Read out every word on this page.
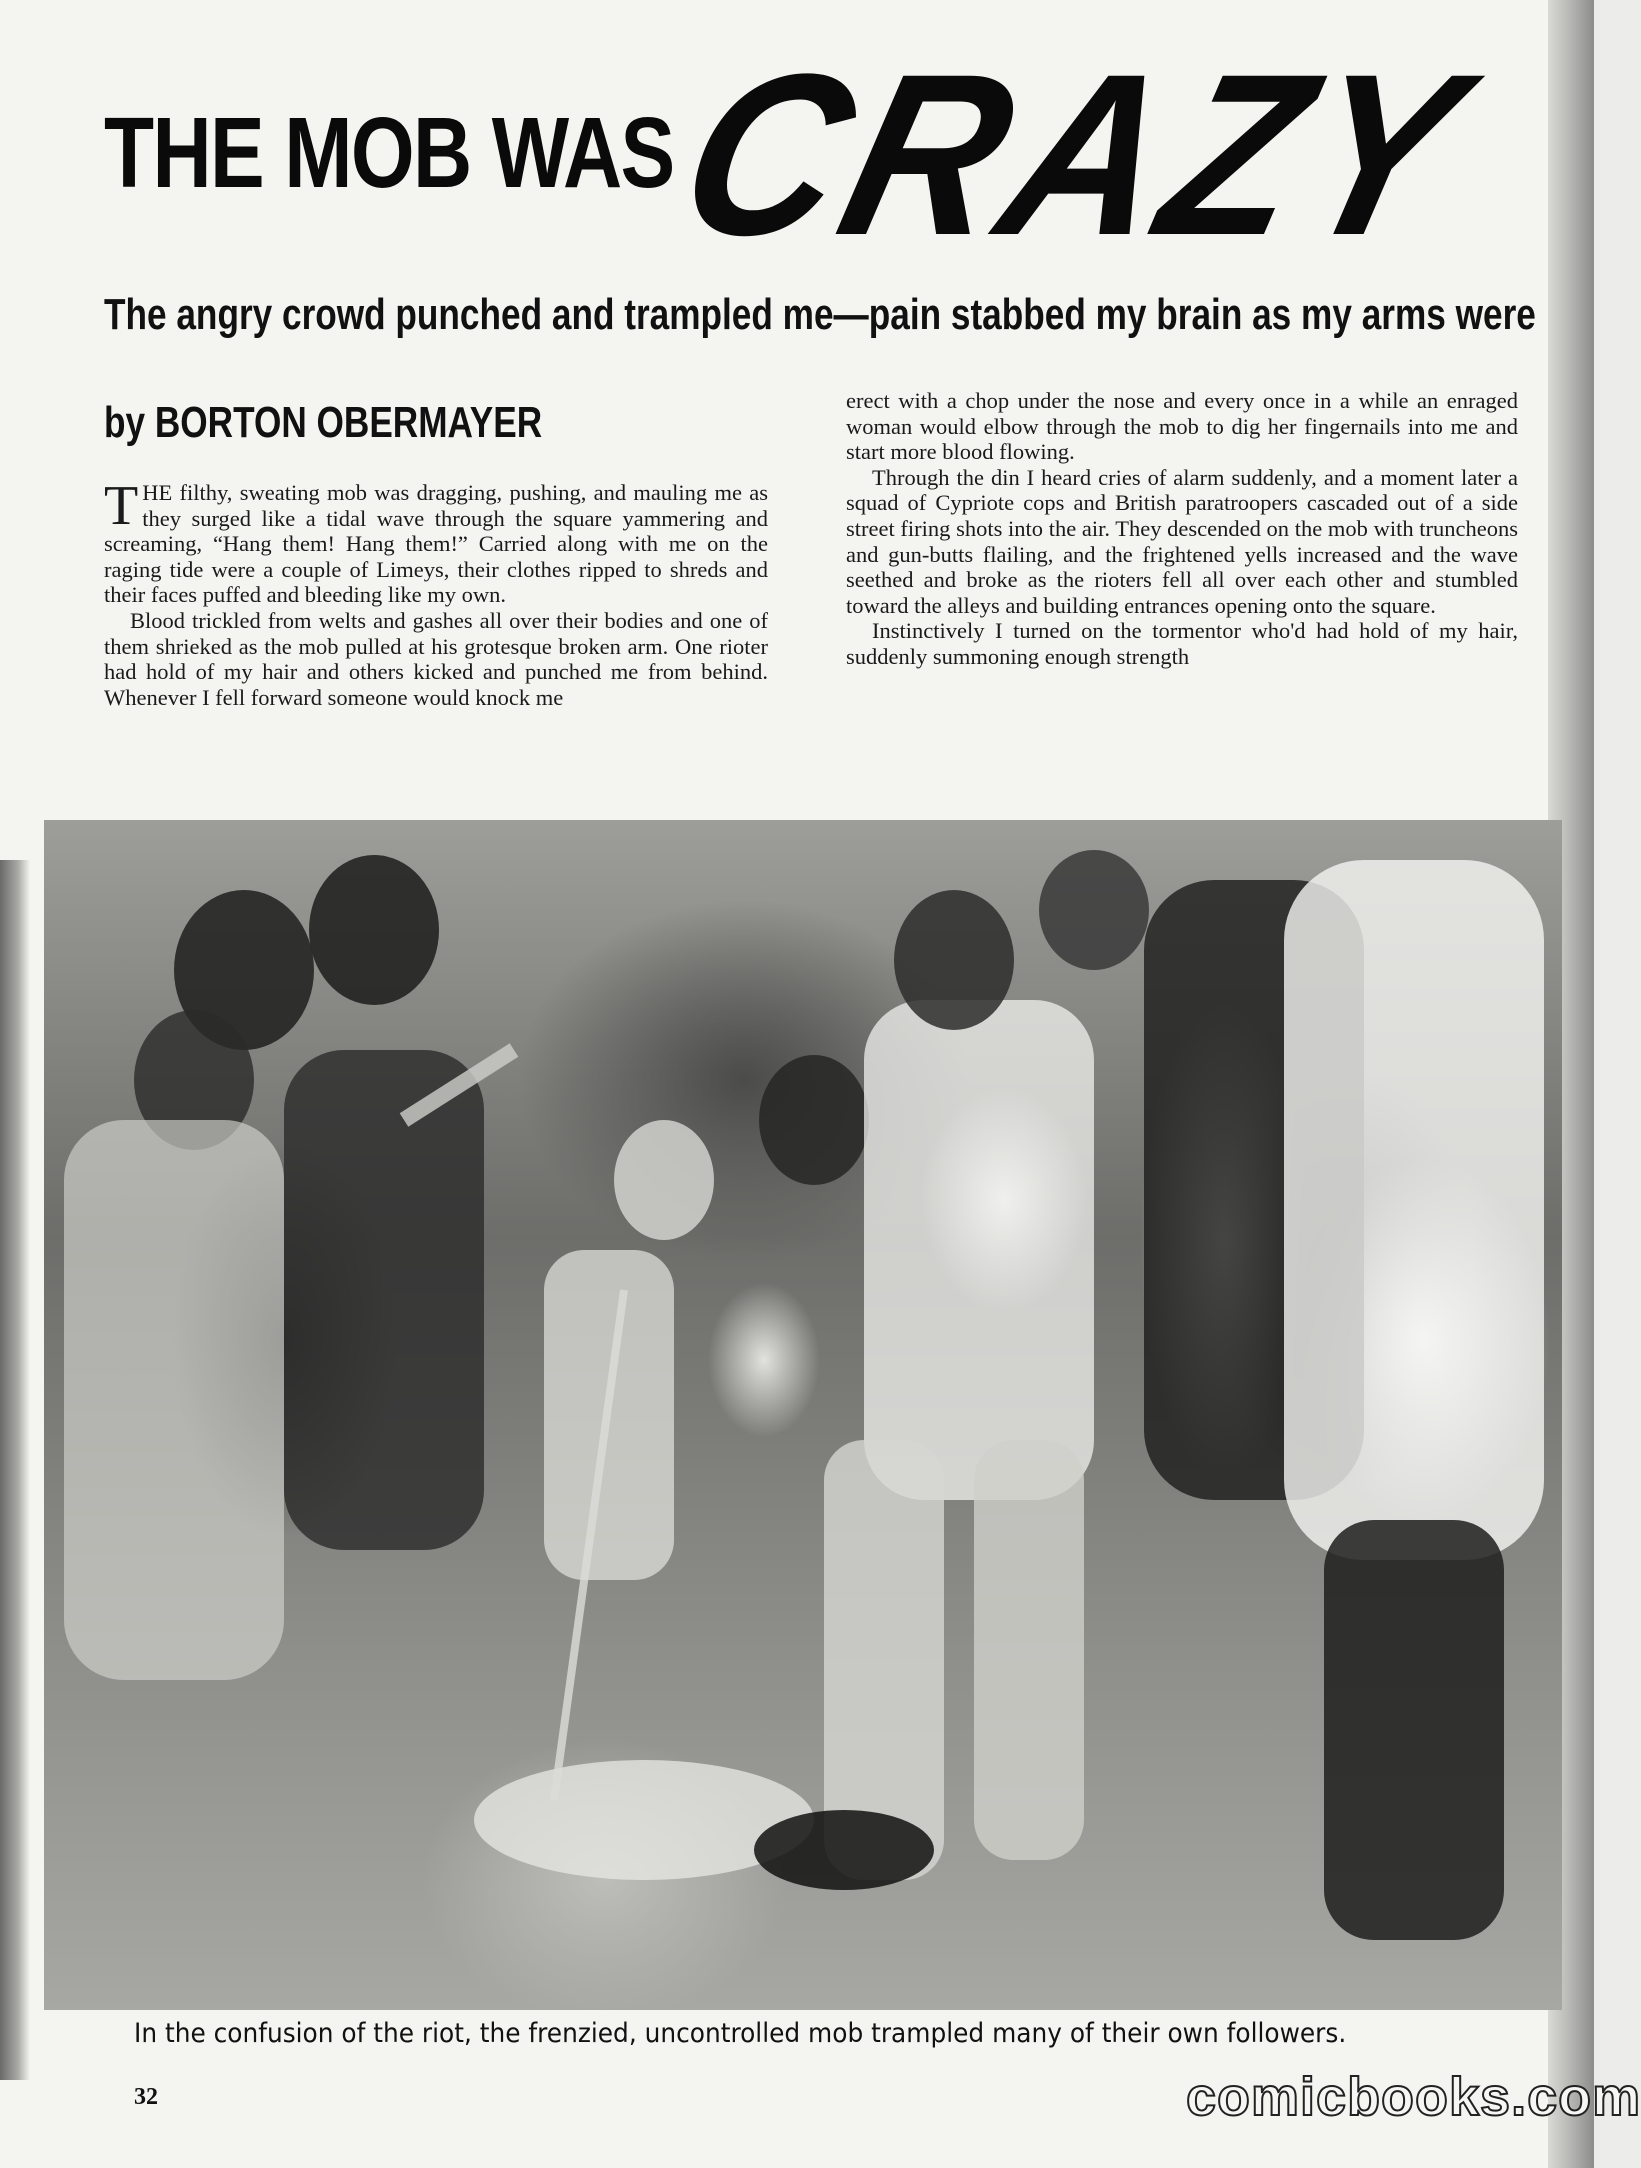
THE MOB WAS
CRAZY
The angry crowd punched and trampled me—pain stabbed my brain as my arms were
by BORTON OBERMAYER

THE filthy, sweating mob was dragging, pushing, and mauling me as they surged like a tidal wave through the square yammering and screaming, “Hang them! Hang them!” Carried along with me on the raging tide were a couple of Limeys, their clothes ripped to shreds and their faces puffed and bleeding like my own.

Blood trickled from welts and gashes all over their bodies and one of them shrieked as the mob pulled at his grotesque broken arm. One rioter had hold of my hair and others kicked and punched me from behind. Whenever I fell forward someone would knock me

erect with a chop under the nose and every once in a while an enraged woman would elbow through the mob to dig her fingernails into me and start more blood flowing.

Through the din I heard cries of alarm suddenly, and a moment later a squad of Cypriote cops and British paratroopers cascaded out of a side street firing shots into the air. They descended on the mob with truncheons and gun-butts flailing, and the frightened yells increased and the wave seethed and broke as the rioters fell all over each other and stumbled toward the alleys and building entrances opening onto the square.

Instinctively I turned on the tormentor who'd had hold of my hair, suddenly summoning enough strength

In the confusion of the riot, the frenzied, uncontrolled mob trampled many of their own followers.
32	comicbooks.com
